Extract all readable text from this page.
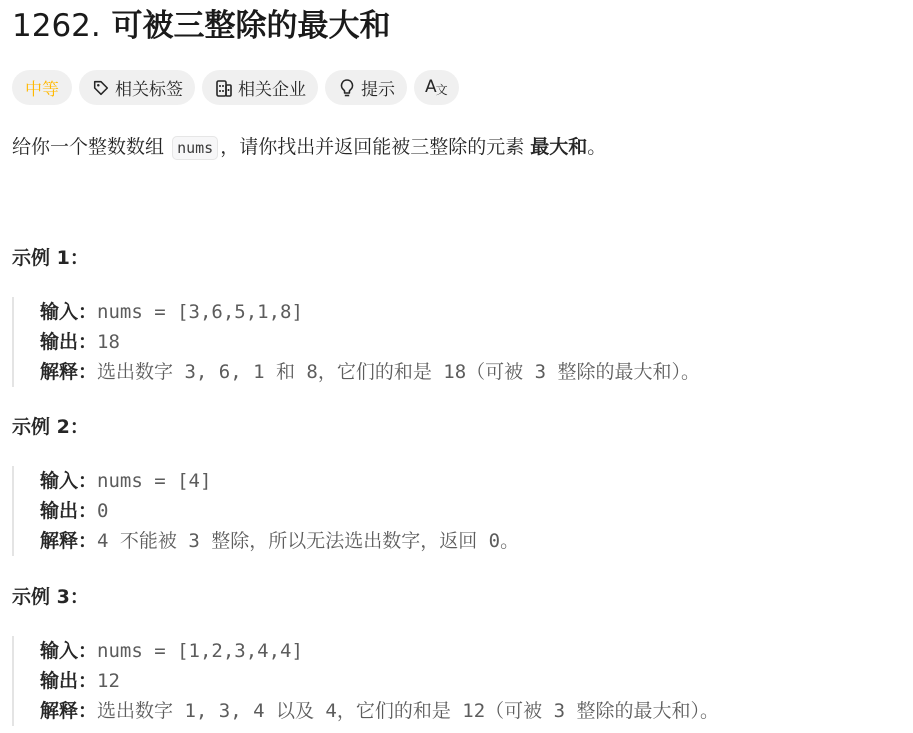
1262. 可被三整除的最大和
中等	相关标签	相关企业	提示 A文
给你一个整数数组 nums ，请你找出并返回能被三整除的元素 最大和。
示例 1：
输入：nums = [3,6,5,1,8]
输出：18
解释：选出数字 3, 6, 1 和 8，它们的和是 18（可被 3 整除的最大和）。
示例 2：
输入：nums = [4]
输出：0
解释：4 不能被 3 整除，所以无法选出数字，返回 0。
示例 3：
输入：nums = [1,2,3,4,4]
输出：12
解释：选出数字 1, 3, 4 以及 4，它们的和是 12（可被 3 整除的最大和）。
